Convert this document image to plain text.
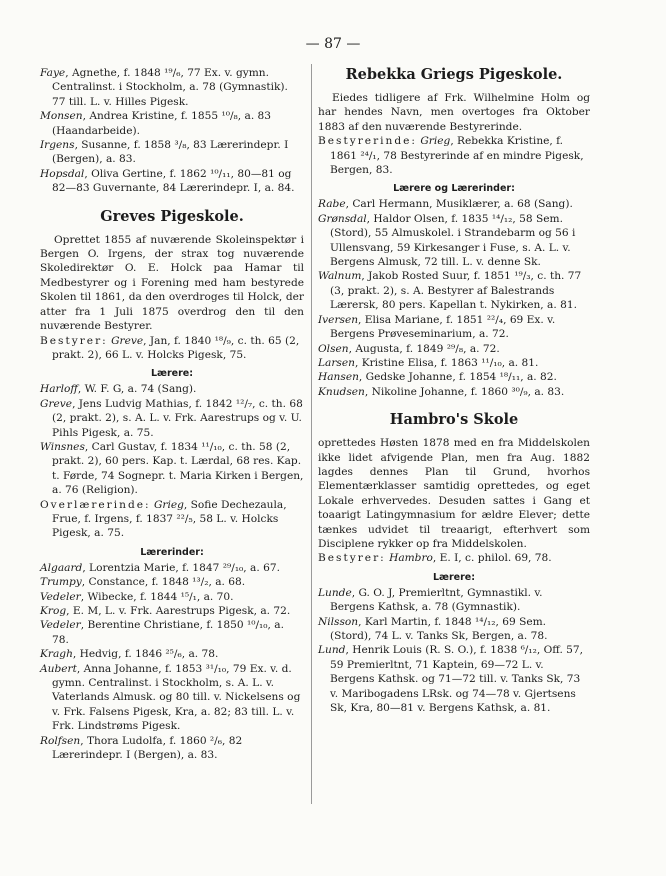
— 87 —
Faye, Agnethe, f. 1848 ¹⁹/₆, 77 Ex. v. gymn. Centralinst. i Stockholm, a. 78 (Gymnastik). 77 till. L. v. Hilles Pigesk.
Monsen, Andrea Kristine, f. 1855 ¹⁰/₈, a. 83 (Haandarbeide).
Irgens, Susanne, f. 1858 ³/₈, 83 Lærerindepr. I (Bergen), a. 83.
Hopsdal, Oliva Gertine, f. 1862 ¹⁰/₁₁, 80—81 og 82—83 Guvernante, 84 Lærerindepr. I, a. 84.
Greves Pigeskole.
Oprettet 1855 af nuværende Skoleinspektør i Bergen O. Irgens, der strax tog nuværende Skoledirektør O. E. Holck paa Hamar til Medbestyrer og i Forening med ham bestyrede Skolen til 1861, da den overdroges til Holck, der atter fra 1 Juli 1875 overdrog den til den nuværende Bestyrer.
Bestyrer: Greve, Jan, f. 1840 ¹⁸/₉, c. th. 65 (2, prakt. 2), 66 L. v. Holcks Pigesk, 75.
Lærere:
Harloff, W. F. G, a. 74 (Sang).
Greve, Jens Ludvig Mathias, f. 1842 ¹²/₇, c. th. 68 (2, prakt. 2), s. A. L. v. Frk. Aarestrups og v. U. Pihls Pigesk, a. 75.
Winsnes, Carl Gustav, f. 1834 ¹¹/₁₀, c. th. 58 (2, prakt. 2), 60 pers. Kap. t. Lærdal, 68 res. Kap. t. Førde, 74 Sognepr. t. Maria Kirken i Bergen, a. 76 (Religion).
Overlærerinde: Grieg, Sofie Dechezaula, Frue, f. Irgens, f. 1837 ²²/₅, 58 L. v. Holcks Pigesk, a. 75.
Lærerinder:
Algaard, Lorentzia Marie, f. 1847 ²⁹/₁₀, a. 67.
Trumpy, Constance, f. 1848 ¹³/₂, a. 68.
Vedeler, Wibecke, f. 1844 ¹⁵/₁, a. 70.
Krog, E. M, L. v. Frk. Aarestrups Pigesk, a. 72.
Vedeler, Berentine Christiane, f. 1850 ¹⁰/₁₀, a. 78.
Kragh, Hedvig, f. 1846 ²⁵/₆, a. 78.
Aubert, Anna Johanne, f. 1853 ³¹/₁₀, 79 Ex. v. d. gymn. Centralinst. i Stockholm, s. A. L. v. Vaterlands Almusk. og 80 till. v. Nickelsens og v. Frk. Falsens Pigesk, Kra, a. 82; 83 till. L. v. Frk. Lindstrøms Pigesk.
Rolfsen, Thora Ludolfa, f. 1860 ²/₆, 82 Lærerindepr. I (Bergen), a. 83.
Rebekka Griegs Pigeskole.
Eiedes tidligere af Frk. Wilhelmine Holm og har hendes Navn, men overtoges fra Oktober 1883 af den nuværende Bestyrerinde.
Bestyrerinde: Grieg, Rebekka Kristine, f. 1861 ²⁴/₁, 78 Bestyrerinde af en mindre Pigesk, Bergen, 83.
Lærere og Lærerinder:
Rabe, Carl Hermann, Musiklærer, a. 68 (Sang).
Grønsdal, Haldor Olsen, f. 1835 ¹⁴/₁₂, 58 Sem. (Stord), 55 Almuskolel. i Strandebarm og 56 i Ullensvang, 59 Kirkesanger i Fuse, s. A. L. v. Bergens Almusk, 72 till. L. v. denne Sk.
Walnum, Jakob Rosted Suur, f. 1851 ¹⁹/₃, c. th. 77 (3, prakt. 2), s. A. Bestyrer af Balestrands Lærersk, 80 pers. Kapellan t. Nykirken, a. 81.
Iversen, Elisa Mariane, f. 1851 ²²/₄, 69 Ex. v. Bergens Prøveseminarium, a. 72.
Olsen, Augusta, f. 1849 ²⁹/₈, a. 72.
Larsen, Kristine Elisa, f. 1863 ¹¹/₁₀, a. 81.
Hansen, Gedske Johanne, f. 1854 ¹⁸/₁₁, a. 82.
Knudsen, Nikoline Johanne, f. 1860 ³⁰/₉, a. 83.
Hambro's Skole
oprettedes Høsten 1878 med en fra Middelskolen ikke lidet afvigende Plan, men fra Aug. 1882 lagdes dennes Plan til Grund, hvorhos Elementærklasser samtidig oprettedes, og eget Lokale erhvervedes. Desuden sattes i Gang et toaarigt Latingymnasium for ældre Elever; dette tænkes udvidet til treaarigt, efterhvert som Disciplene rykker op fra Middelskolen.
Bestyrer: Hambro, E. I, c. philol. 69, 78.
Lærere:
Lunde, G. O. J, Premierltnt, Gymnastikl. v. Bergens Kathsk, a. 78 (Gymnastik).
Nilsson, Karl Martin, f. 1848 ¹⁴/₁₂, 69 Sem. (Stord), 74 L. v. Tanks Sk, Bergen, a. 78.
Lund, Henrik Louis (R. S. O.), f. 1838 ⁶/₁₂, Off. 57, 59 Premierltnt, 71 Kaptein, 69—72 L. v. Bergens Kathsk. og 71—72 till. v. Tanks Sk, 73 v. Maribogadens LRsk. og 74—78 v. Gjertsens Sk, Kra, 80—81 v. Bergens Kathsk, a. 81.
